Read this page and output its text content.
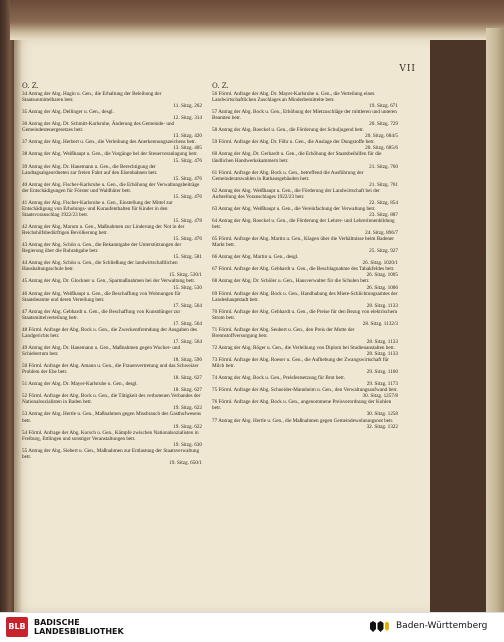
VII
O. Z.	O. Z.
34 Antrag der Abg. Hagin u. Gen., die Erhaltung der Beleihung der Staatsunmittelbaren betr.
11. Sitzg. 262
35 Antrag der Abg. Dellinger u. Gen., desgl.
12. Sitzg. 314
36 Antrag der Abg. Dr. Schmitt-Karlsruhe, Änderung des Gemeinde- und Gemeindesteuergesetzes betr.
13. Sitzg. 420
37 Antrag der Abg. Herbert u. Gen., die Verleihung des Anerkennungszeichens betr.
13. Sitzg. 405
38 Antrag der Abg. Weißhaupt u. Gen., die Vorgänge bei der Steuerveranlagung betr.
15. Sitzg. 476
39 Antrag der Abg. Dr. Hanemann u. Gen., die Berechtigung der Landtagsabgeordneten zur freien Fahrt auf den Eisenbahnen betr.
15. Sitzg. 476
40 Antrag der Abg. Fischer-Karlsruhe u. Gen., die Erhöhung der Verwaltungsbeiträge der Entschädigungen für Förster und Waldhüter betr.
15. Sitzg. 476
41 Antrag der Abg. Fischer-Karlsruhe u. Gen., Einstellung der Mittel zur Entschädigung von Erholungs- und Kuraufenthalten für Kinder in den Staatsvoranschlag 1922/23 betr.
15. Sitzg. 478
42 Antrag der Abg. Marum u. Gen., Maßnahmen zur Linderung der Not in der Reichshilfsbedürftigen Bevölkerung betr.
15. Sitzg. 476
43 Antrag der Abg. Schön u. Gen., die Bekanntgabe der Unterstützungen der Regierung über die Ruhrabgabe betr.
15. Sitzg. 581
44 Antrag der Abg. Schön u. Gen., die Schließung der landwirtschaftlichen Haushaltungsschule betr.
15. Sitzg. 530/1
45 Antrag der Abg. Dr. Glockner u. Gen., Sparmaßnahmen bei der Verwaltung betr.
15. Sitzg. 530
46 Antrag der Abg. Weißhaupt u. Gen., die Beschaffung von Wohnungen für Staatsbeamte und deren Verteilung betr.
17. Sitzg. 564
47 Antrag der Abg. Gebhardt u. Gen., die Beschaffung von Kunstdünger zur Staatsmittelverteilung betr.
17. Sitzg. 564
48 Förml. Anfrage der Abg. Bock u. Gen., die Zweckentfremdung der Ausgaben des Landgerichts betr.
17. Sitzg. 564
49 Antrag der Abg. Dr. Hanemann u. Gen., Maßnahmen gegen Wucher- und Schiebertum betr.
18. Sitzg. 596
50 Förml. Anfrage der Abg. Amann u. Gen., die Frauenvertretung und das Schweizer Problem der Ehe betr.
18. Sitzg. 627
51 Antrag der Abg. Dr. Mayer-Karlsruhe u. Gen., desgl.
18. Sitzg. 627
52 Förml. Anfrage der Abg. Bock u. Gen., die Tätigkeit des verbotenen Verbandes der Nationalsozialisten in Baden betr.
19. Sitzg. 622
53 Antrag der Abg. Hertle u. Gen., Maßnahmen gegen Missbrauch des Gasthofwesens betr.
19. Sitzg. 622
54 Förml. Anfrage der Abg. Korsch u. Gen., Kämpfe zwischen Nationalsozialisten in Freiburg, Ettlingen und sonstiger Veranstaltungen betr.
19. Sitzg. 630
55 Antrag der Abg. Siebert u. Gen., Maßnahmen zur Entlastung der Staatsverwaltung betr.
19. Sitzg. 650/1
56 Förml. Anfrage der Abg. Dr. Mayer-Karlsruhe u. Gen., die Verteilung eines Landwirtschaftlichen Zuschlages an Minderbemittelte betr.
19. Sitzg. 671
57 Antrag der Abg. Bock u. Gen., Erhöhung der Mietzuschläge der mittleren und unteren Beamten betr.
20. Sitzg. 729
58 Antrag der Abg. Roeckel u. Gen., die Förderung der Schuljugend betr.
20. Sitzg. 684/5
59 Förml. Anfrage der Abg. Dr. Föhr u. Gen., die Auslage der Dungstoffe betr.
20. Sitzg. 685/6
60 Antrag der Abg. Dr. Gerhardt u. Gen., die Erhöhung der Staatsbeihilfen für die ländlichen Handwerkskammern betr.
21. Sitzg. 760
61 Förml. Anfrage der Abg. Bock u. Gen., betreffend die Ausführung der Gemeinderatswahlen in Rathausgebäuden betr.
21. Sitzg. 761
62 Antrag der Abg. Weißhaupt u. Gen., die Förderung der Landwirtschaft bei der Aufstellung des Voranschlages 1922/23 betr.
22. Sitzg. 854
63 Antrag der Abg. Weißhaupt u. Gen., die Vereinfachung der Verwaltung betr.
23. Sitzg. 887
64 Antrag der Abg. Roeckel u. Gen., die Förderung der Lehrer- und Lehrerinnenbildung betr.
24. Sitzg. 896/7
65 Förml. Anfrage der Abg. Martin u. Gen., Klagen über die Verhältnisse beim Badener Markt betr.
25. Sitzg. 927
66 Antrag der Abg. Martin u. Gen., desgl.
26. Sitzg. 1020/1
67 Förml. Anfrage der Abg. Gebhardt u. Gen., die Beschlagnahme des Tabakfeldes betr.
26. Sitzg. 1005
68 Antrag der Abg. Dr. Schöler u. Gen., Hausverwalter für die Schulen betr.
26. Sitzg. 1006
69 Förml. Anfrage der Abg. Bock u. Gen., Handhabung des Miete-Schlichtungsamtes der Landeshauptstadt betr.
28. Sitzg. 1133
70 Förml. Anfrage der Abg. Gebhardt u. Gen., die Preise für den Bezug von elektrischem Strom betr.
28. Sitzg. 1132/3
71 Förml. Anfrage der Abg. Seubert u. Gen., den Preis der Motte der Brennstoffversorgung betr.
28. Sitzg. 1133
72 Antrag der Abg. Röger u. Gen., die Verleihung von Diplom bei Studienanstalten betr.
28. Sitzg. 1133
73 Förml. Anfrage der Abg. Roeser u. Gen., die Aufhebung der Zwangswirtschaft für Milch betr.
29. Sitzg. 1160
74 Antrag der Abg. Bock u. Gen., Preisfestsetzung für Brot betr.
29. Sitzg. 1173
75 Förml. Anfrage der Abg. Schneider-Mannheim u. Gen., den Verwaltungsaufwand betr.
30. Sitzg. 1257/8
76 Förml. Anfrage der Abg. Bock u. Gen., angenommene Preisverordnung der Kohlen betr.
30. Sitzg. 1258
77 Antrag der Abg. Hertle u. Gen., die Maßnahmen gegen Gemeindewohnungsnot betr.
32. Sitzg. 1322
BLB BADISCHE
LANDESBIBLIOTHEK
Baden-Württemberg
